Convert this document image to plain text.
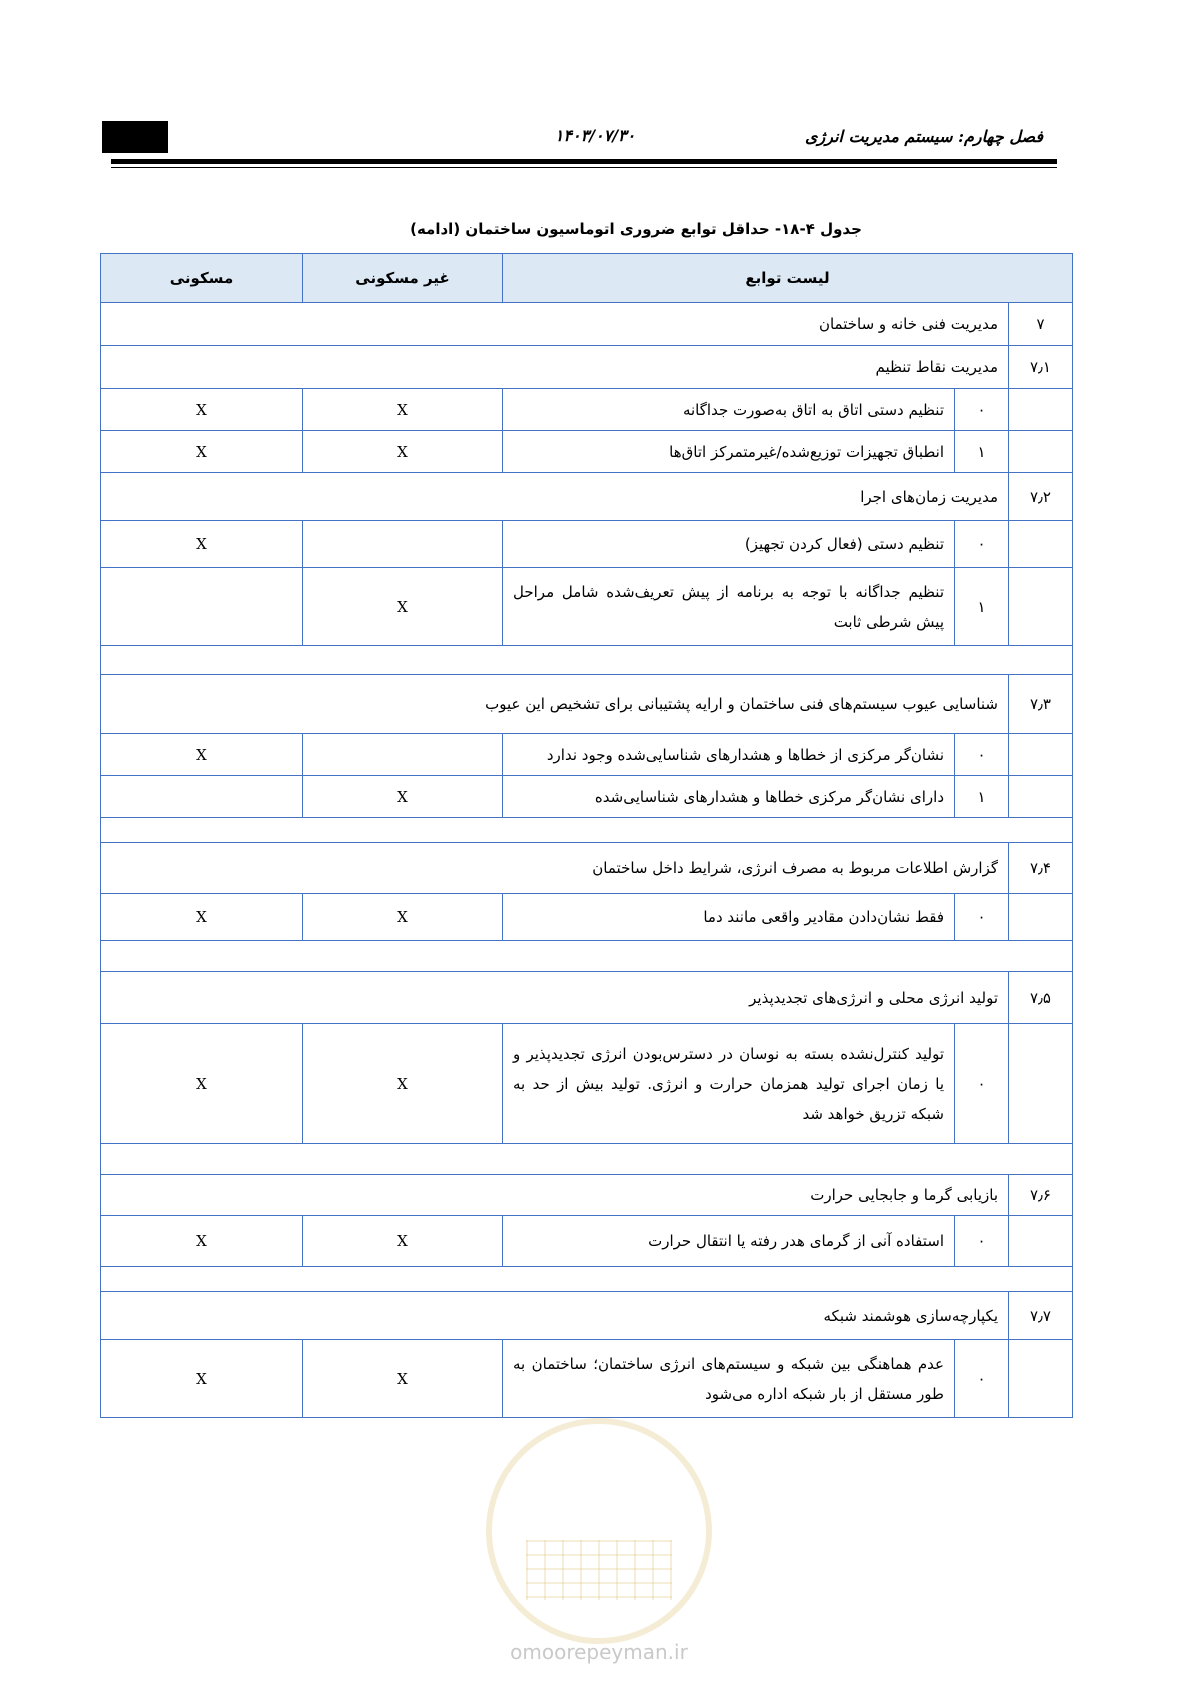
۱۴۰۳/۰۷/۳۰	فصل چهارم: سیستم مدیریت انرژی
جدول ۴-۱۸- حداقل توابع ضروری اتوماسیون ساختمان (ادامه)
لیست توابع			غیر مسکونی	مسکونی
۷	مدیریت فنی خانه و ساختمان			
۷٫۱	مدیریت نقاط تنظیم			
	۰	تنظیم دستی اتاق به اتاق به‌صورت جداگانه	X	X
	۱	انطباق تجهیزات توزیع‌شده/غیرمتمرکز اتاق‌ها	X	X
۷٫۲	مدیریت زمان‌های اجرا			
	۰	تنظیم دستی (فعال کردن تجهیز)		X
	۱	تنظیم جداگانه با توجه به برنامه از پیش تعریف‌شده شامل مراحل پیش شرطی ثابت	X	

۷٫۳	شناسایی عیوب سیستم‌های فنی ساختمان و ارایه پشتیبانی برای تشخیص این عیوب			
	۰	نشان‌گر مرکزی از خطاها و هشدارهای شناسایی‌شده وجود ندارد		X
	۱	دارای نشان‌گر مرکزی خطاها و هشدارهای شناسایی‌شده	X	

۷٫۴	گزارش اطلاعات مربوط به مصرف انرژی، شرایط داخل ساختمان			
	۰	فقط نشان‌دادن مقادیر واقعی مانند دما	X	X

۷٫۵	تولید انرژی محلی و انرژی‌های تجدیدپذیر			
	۰	تولید کنترل‌نشده بسته به نوسان در دسترس‌بودن انرژی تجدیدپذیر و یا زمان اجرای تولید همزمان حرارت و انرژی. تولید بیش از حد به شبکه تزریق خواهد شد	X	X

۷٫۶	بازیابی گرما و جابجایی حرارت			
	۰	استفاده آنی از گرمای هدر رفته یا انتقال حرارت	X	X

۷٫۷	یکپارچه‌سازی هوشمند شبکه			
	۰	عدم هماهنگی بین شبکه و سیستم‌های انرژی ساختمان؛ ساختمان به طور مستقل از بار شبکه اداره می‌شود	X	X
omoorepeyman.ir
